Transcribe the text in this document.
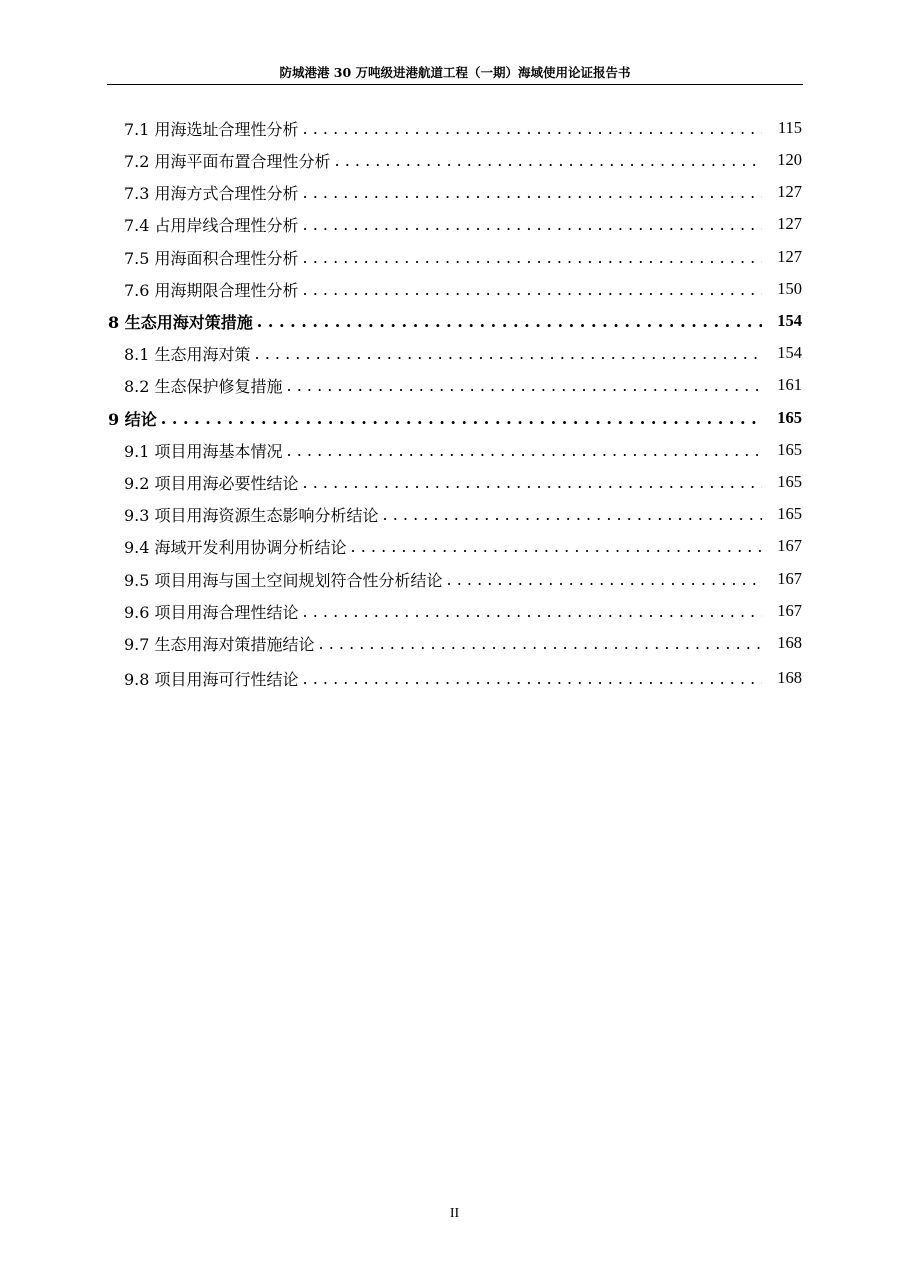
防城港港 30 万吨级进港航道工程（一期）海域使用论证报告书
7.1 用海选址合理性分析 . . .	115
7.2 用海平面布置合理性分析 . . .	120
7.3 用海方式合理性分析 . . .	127
7.4 占用岸线合理性分析 . . .	127
7.5 用海面积合理性分析 . . .	127
7.6 用海期限合理性分析 . . .	150
8 生态用海对策措施 . . .	154
8.1 生态用海对策 . . .	154
8.2 生态保护修复措施 . . .	161
9 结论 . . .	165
9.1 项目用海基本情况 . . .	165
9.2 项目用海必要性结论 . . .	165
9.3 项目用海资源生态影响分析结论 . . .	165
9.4 海域开发利用协调分析结论 . . .	167
9.5 项目用海与国土空间规划符合性分析结论 . . .	167
9.6 项目用海合理性结论 . . .	167
9.7 生态用海对策措施结论 . . .	168
9.8 项目用海可行性结论 . . .	168
II
